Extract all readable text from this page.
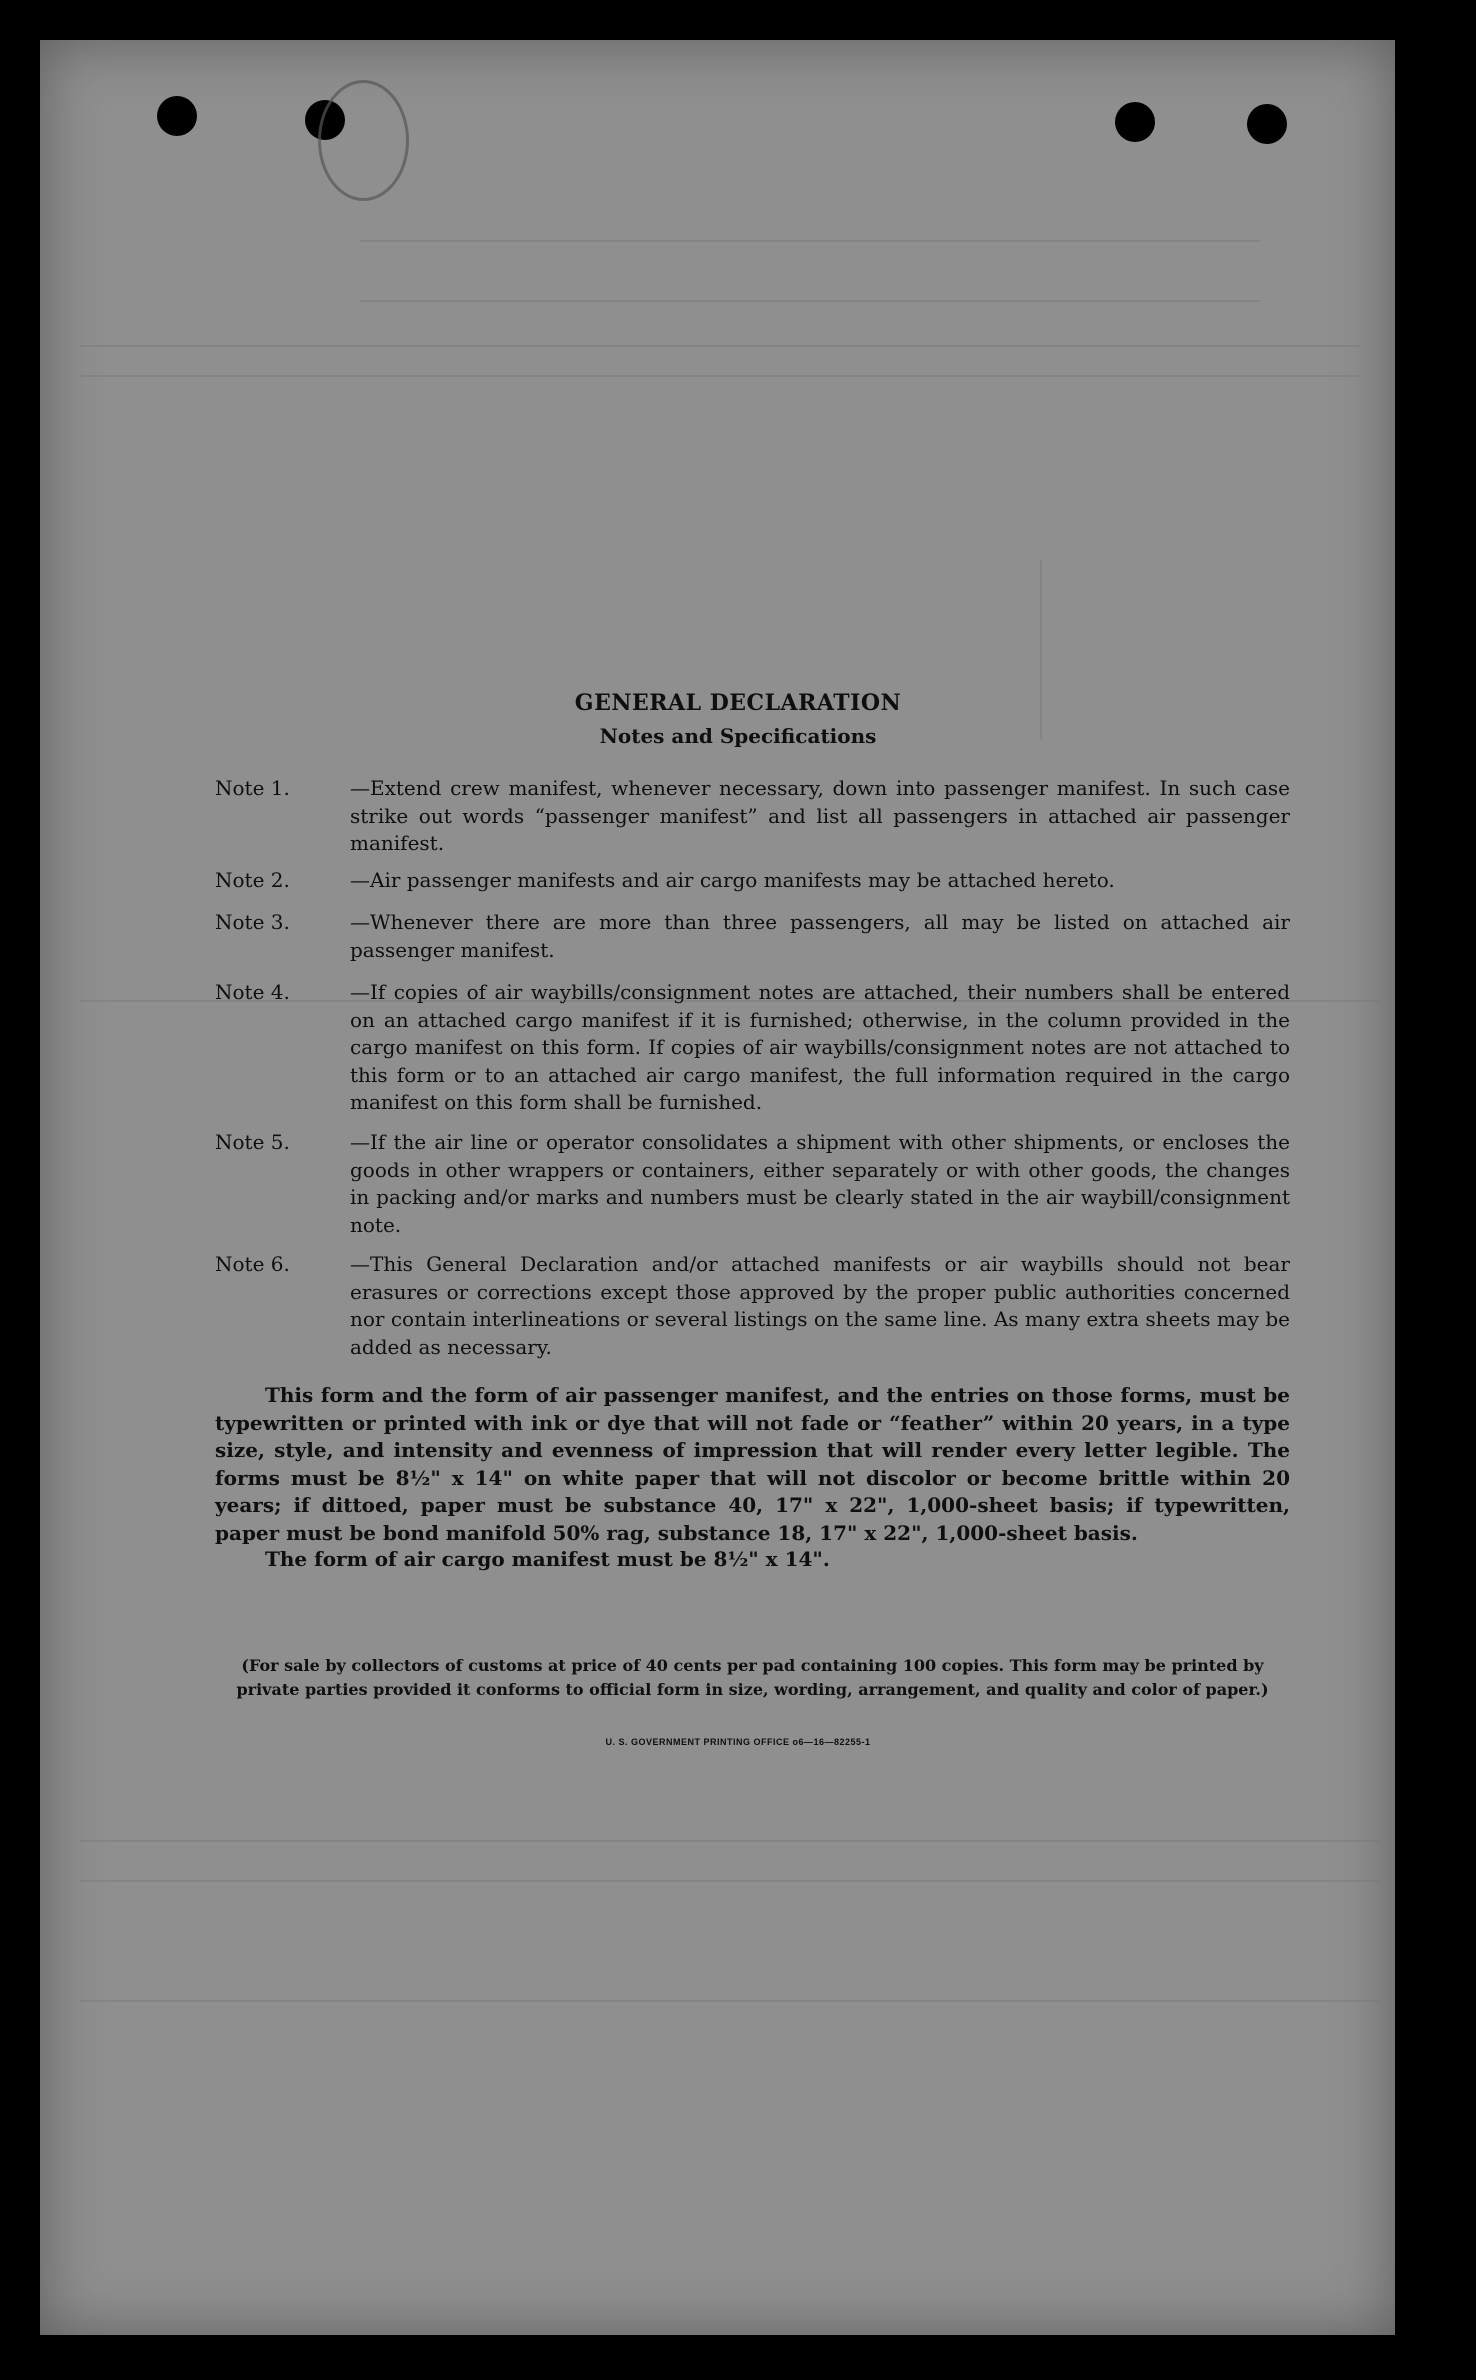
GENERAL DECLARATION
Notes and Specifications
Note 1.	—Extend crew manifest, whenever necessary, down into passenger manifest. In such case strike out words “passenger manifest” and list all passengers in attached air passenger manifest.
Note 2.	—Air passenger manifests and air cargo manifests may be attached hereto.
Note 3.	—Whenever there are more than three passengers, all may be listed on attached air passenger manifest.
Note 4.	—If copies of air waybills/consignment notes are attached, their numbers shall be entered on an attached cargo manifest if it is furnished; otherwise, in the column provided in the cargo manifest on this form. If copies of air waybills/consignment notes are not attached to this form or to an attached air cargo manifest, the full information required in the cargo manifest on this form shall be furnished.
Note 5.	—If the air line or operator consolidates a shipment with other shipments, or encloses the goods in other wrappers or containers, either separately or with other goods, the changes in packing and/or marks and numbers must be clearly stated in the air waybill/consignment note.
Note 6.	—This General Declaration and/or attached manifests or air waybills should not bear erasures or corrections except those approved by the proper public authorities concerned nor contain interlineations or several listings on the same line. As many extra sheets may be added as necessary.
This form and the form of air passenger manifest, and the entries on those forms, must be typewritten or printed with ink or dye that will not fade or “feather” within 20 years, in a type size, style, and intensity and evenness of impression that will render every letter legible. The forms must be 8½" x 14" on white paper that will not discolor or become brittle within 20 years; if dittoed, paper must be substance 40, 17" x 22", 1,000-sheet basis; if typewritten, paper must be bond manifold 50% rag, substance 18, 17" x 22", 1,000-sheet basis.
The form of air cargo manifest must be 8½" x 14".
(For sale by collectors of customs at price of 40 cents per pad containing 100 copies. This form may be printed by private parties provided it conforms to official form in size, wording, arrangement, and quality and color of paper.)
U. S. GOVERNMENT PRINTING OFFICE o6—16—82255-1
